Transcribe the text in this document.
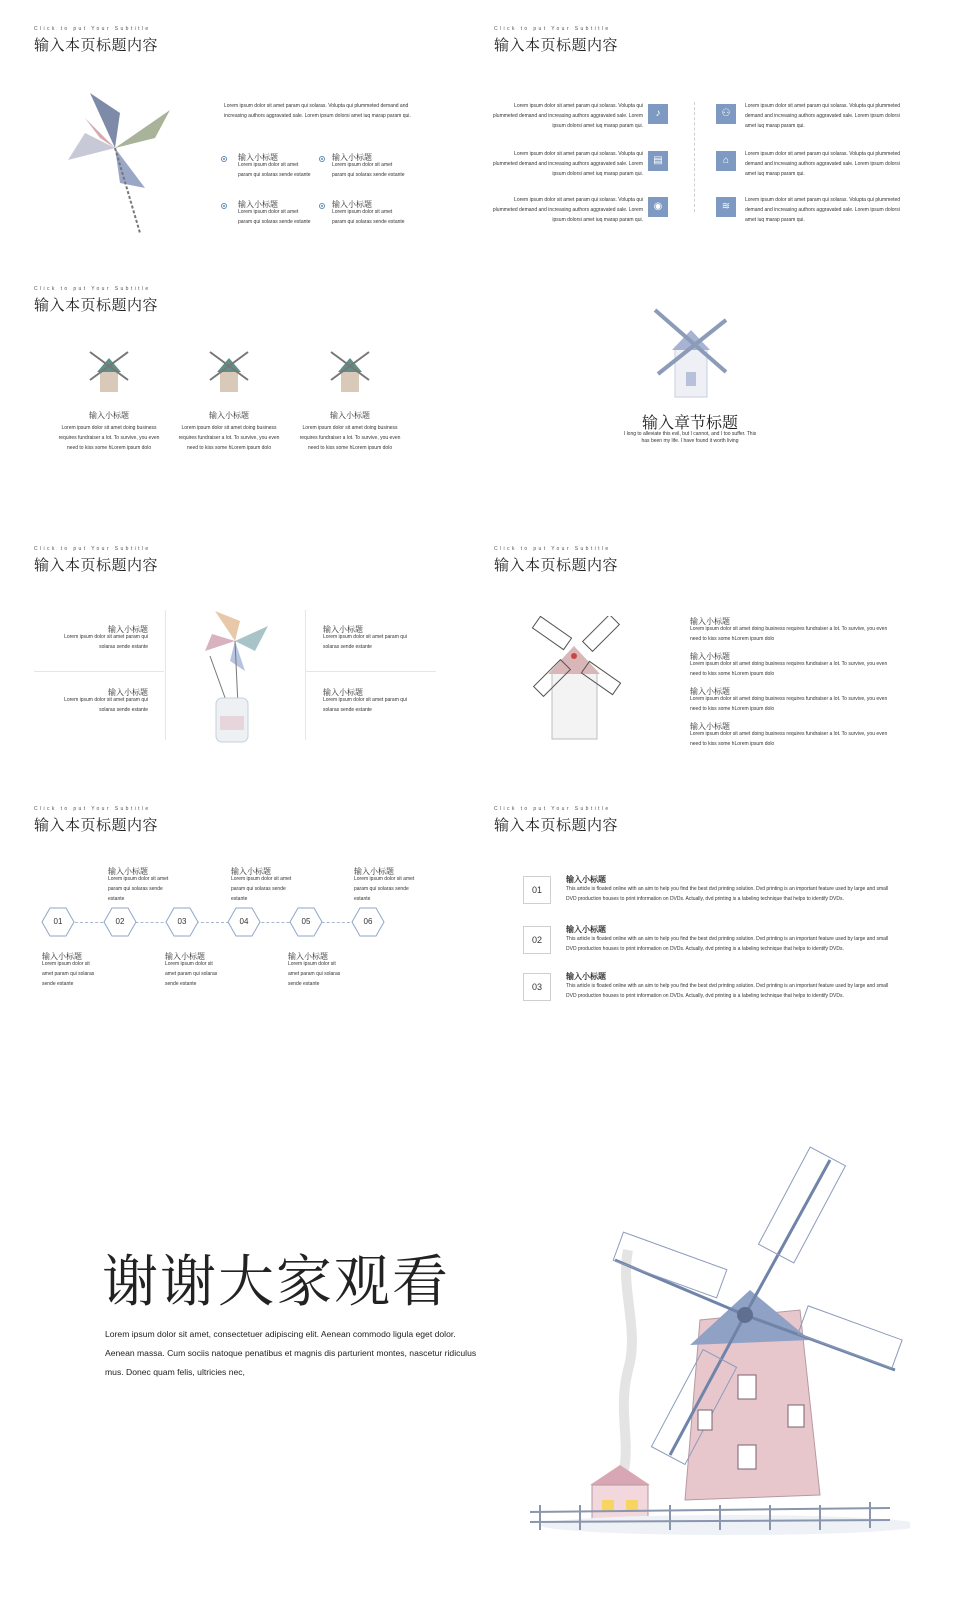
Click to put Your Subtitle
输入本页标题内容
Lorem ipsum dolor sit amet param qui solaras. Volupta qui plummeted demand and increasing authors aggravated sale. Lorem ipsum dolorsi amet iuq marap param qui.
输入小标题
Lorem ipsum dolor sit amet param qui solaras sende estante
输入小标题
Lorem ipsum dolor sit amet param qui solaras sende estante
输入小标题
Lorem ipsum dolor sit amet param qui solaras sende estante
输入小标题
Lorem ipsum dolor sit amet param qui solaras sende estante
Click to put Your Subtitle
输入本页标题内容
Lorem ipsum dolor sit amet param qui solaras. Volupta qui plummeted demand and increasing authors aggravated sale. Lorem ipsum dolorsi amet iuq marap param qui.
♪
Lorem ipsum dolor sit amet param qui solaras. Volupta qui plummeted demand and increasing authors aggravated sale. Lorem ipsum dolorsi amet iuq marap param qui.
▤
Lorem ipsum dolor sit amet param qui solaras. Volupta qui plummeted demand and increasing authors aggravated sale. Lorem ipsum dolorsi amet iuq marap param qui.
◉
⚇
Lorem ipsum dolor sit amet param qui solaras. Volupta qui plummeted demand and increasing authors aggravated sale. Lorem ipsum dolorsi amet iuq marap param qui.
⌂
Lorem ipsum dolor sit amet param qui solaras. Volupta qui plummeted demand and increasing authors aggravated sale. Lorem ipsum dolorsi amet iuq marap param qui.
≋
Lorem ipsum dolor sit amet param qui solaras. Volupta qui plummeted demand and increasing authors aggravated sale. Lorem ipsum dolorsi amet iuq marap param qui.
Click to put Your Subtitle
输入本页标题内容
输入小标题
Lorem ipsum dolor sit amet doing business requires fundraiser a lot. To survive, you even need to kiss some hLorem ipsum dolo
输入小标题
Lorem ipsum dolor sit amet doing business requires fundraiser a lot. To survive, you even need to kiss some hLorem ipsum dolo
输入小标题
Lorem ipsum dolor sit amet doing business requires fundraiser a lot. To survive, you even need to kiss some hLorem ipsum dolo
输入章节标题
I long to alleviate this evil, but I cannot, and I too suffer. This has been my life. I have found it worth living
Click to put Your Subtitle
输入本页标题内容
输入小标题
Lorem ipsum dolor sit amet param qui solaras sende estante
输入小标题
Lorem ipsum dolor sit amet param qui solaras sende estante
输入小标题
Lorem ipsum dolor sit amet param qui solaras sende estante
输入小标题
Lorem ipsum dolor sit amet param qui solaras sende estante
Click to put Your Subtitle
输入本页标题内容
输入小标题
Lorem ipsum dolor sit amet doing business requires fundraiser a lot. To survive, you even need to kiss some hLorem ipsum dolo
输入小标题
Lorem ipsum dolor sit amet doing business requires fundraiser a lot. To survive, you even need to kiss some hLorem ipsum dolo
输入小标题
Lorem ipsum dolor sit amet doing business requires fundraiser a lot. To survive, you even need to kiss some hLorem ipsum dolo
输入小标题
Lorem ipsum dolor sit amet doing business requires fundraiser a lot. To survive, you even need to kiss some hLorem ipsum dolo
Click to put Your Subtitle
输入本页标题内容
01	02	03	04	05	06
输入小标题
Lorem ipsum dolor sit amet param qui solaras sende estante
输入小标题
Lorem ipsum dolor sit amet param qui solaras sende estante
输入小标题
Lorem ipsum dolor sit amet param qui solaras sende estante
输入小标题
Lorem ipsum dolor sit amet param qui solaras sende estante
输入小标题
Lorem ipsum dolor sit amet param qui solaras sende estante
输入小标题
Lorem ipsum dolor sit amet param qui solaras sende estante
Click to put Your Subtitle
输入本页标题内容
01
输入小标题
This article is floated online with an aim to help you find the best dvd printing solution. Dvd printing is an important feature used by large and small DVD production houses to print information on DVDs. Actually, dvd printing is a labeling technique that helps to identify DVDs.
02
输入小标题
This article is floated online with an aim to help you find the best dvd printing solution. Dvd printing is an important feature used by large and small DVD production houses to print information on DVDs. Actually, dvd printing is a labeling technique that helps to identify DVDs.
03
输入小标题
This article is floated online with an aim to help you find the best dvd printing solution. Dvd printing is an important feature used by large and small DVD production houses to print information on DVDs. Actually, dvd printing is a labeling technique that helps to identify DVDs.
谢谢大家观看
Lorem ipsum dolor sit amet, consectetuer adipiscing elit. Aenean commodo ligula eget dolor. Aenean massa. Cum sociis natoque penatibus et magnis dis parturient montes, nascetur ridiculus mus. Donec quam felis, ultricies nec,
